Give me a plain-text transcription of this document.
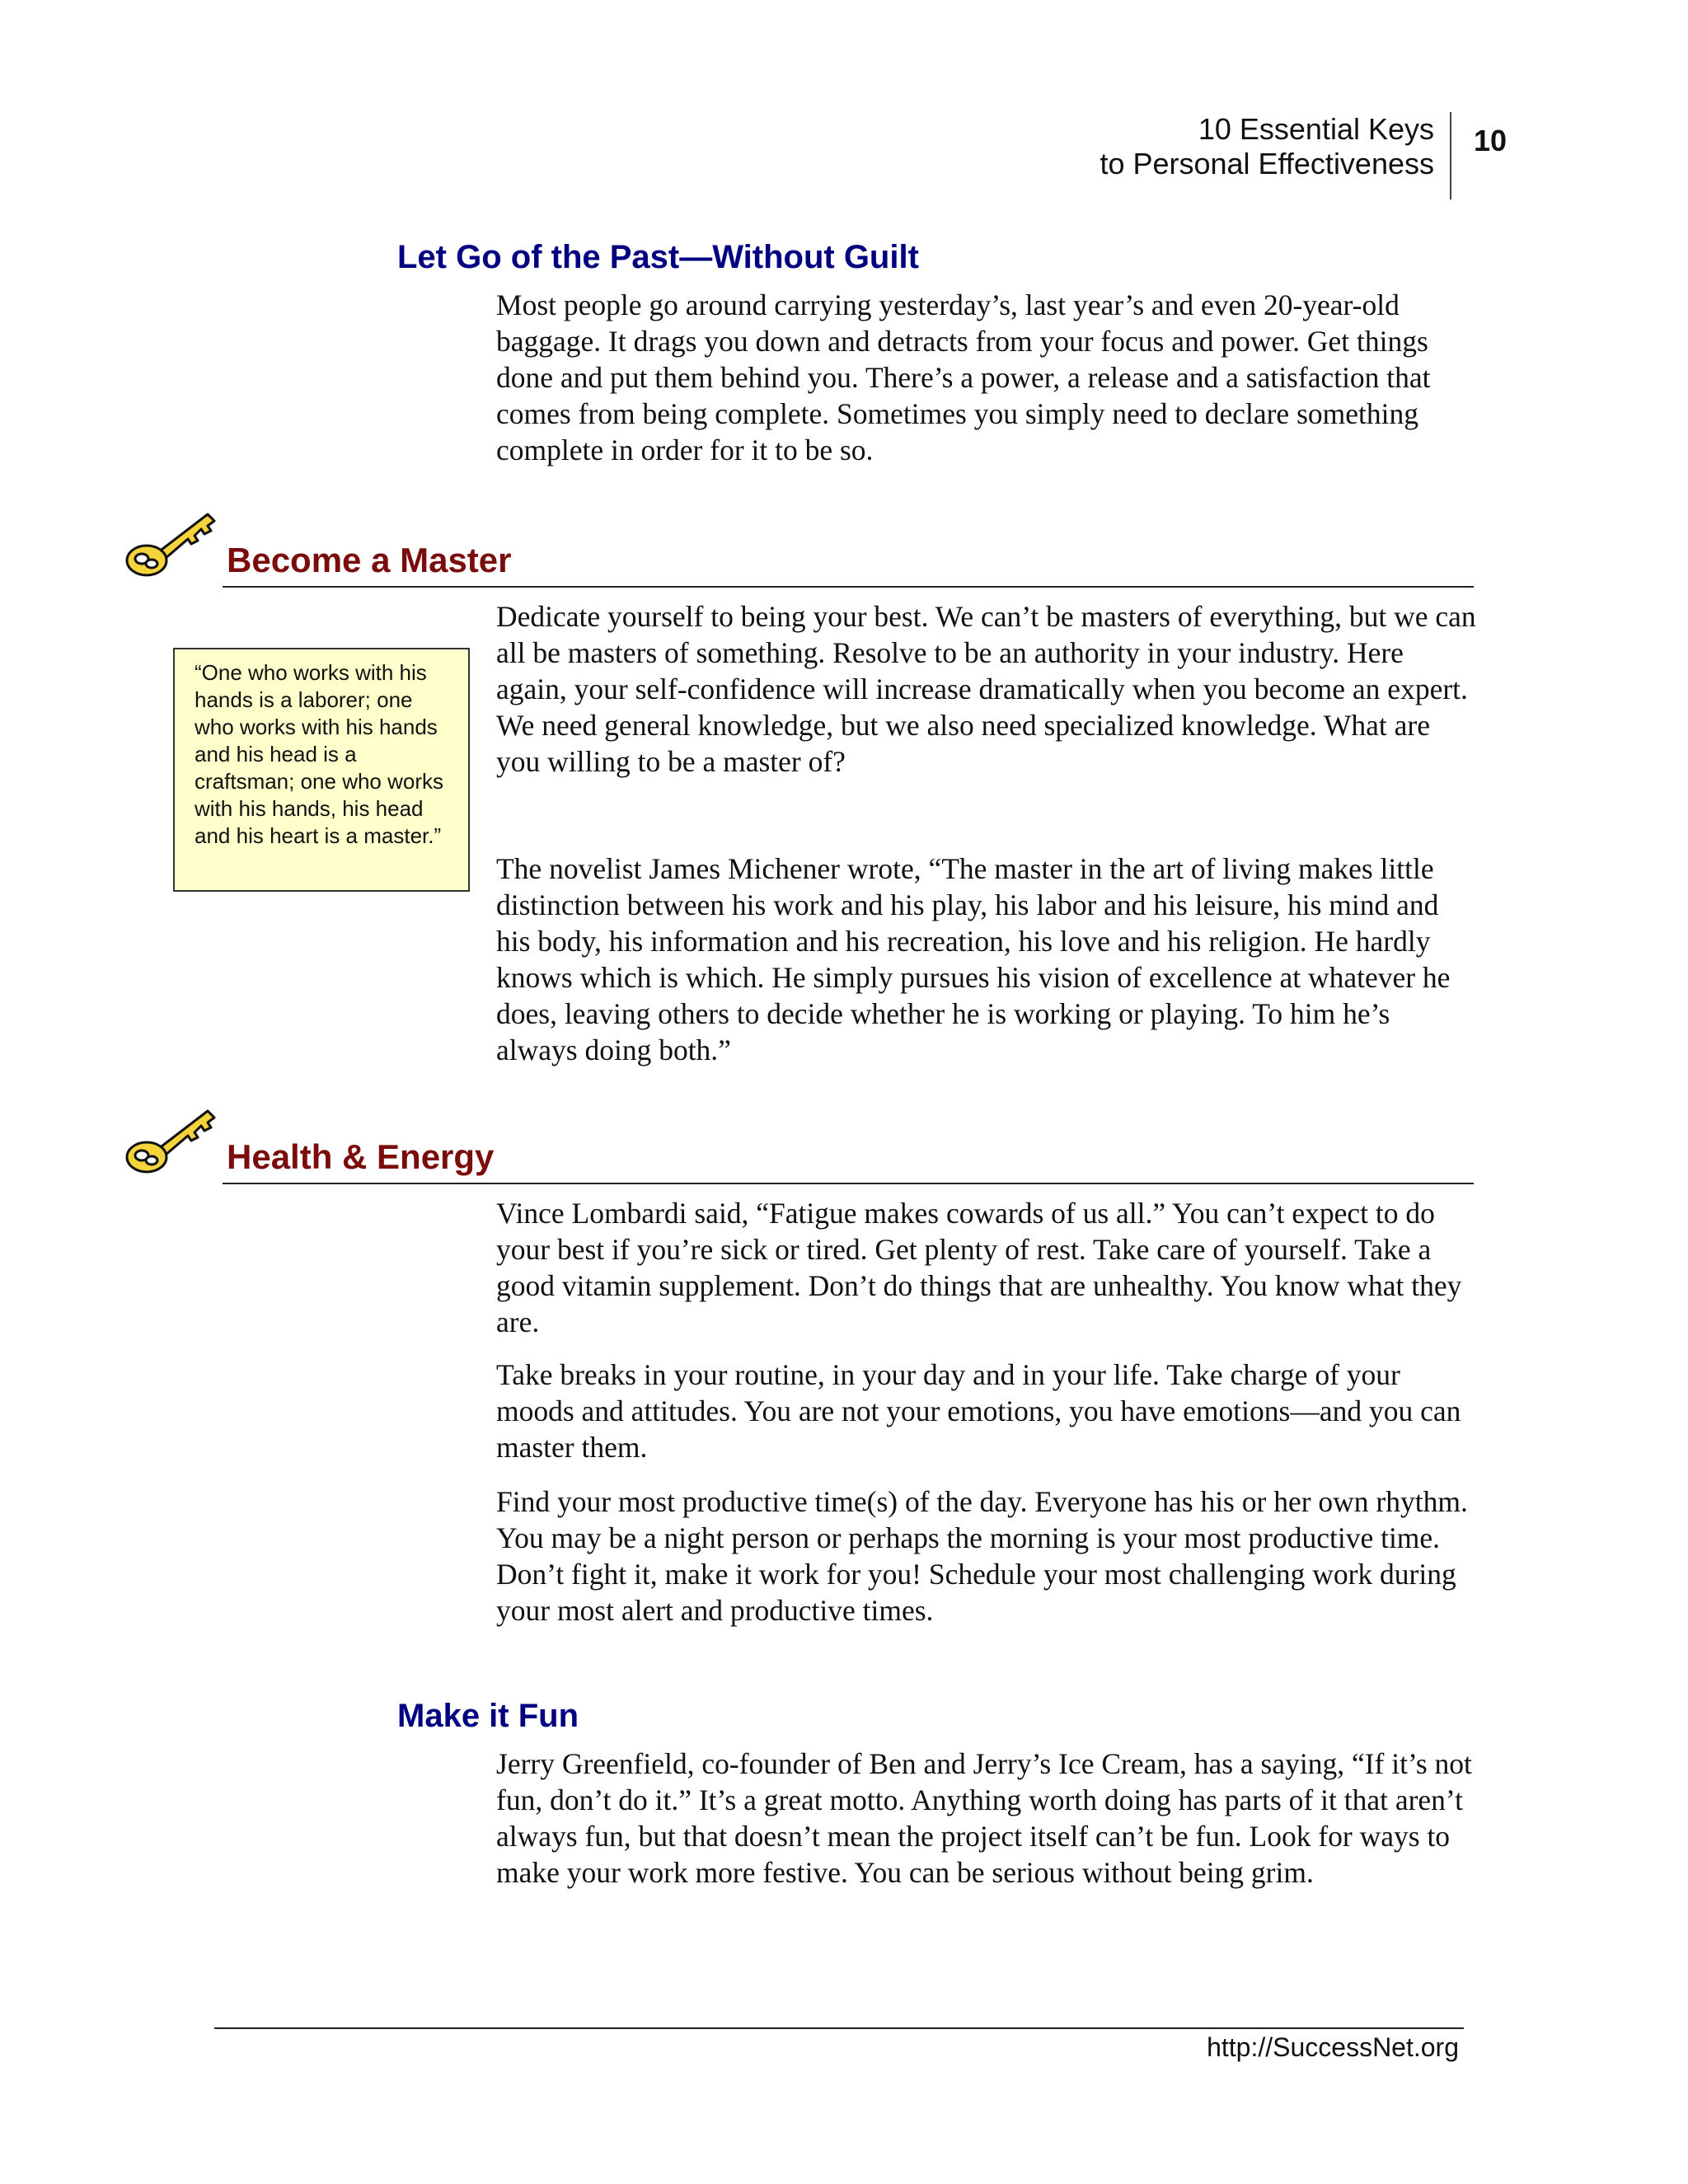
10 Essential Keys
to Personal Effectiveness
10
Let Go of the Past—Without Guilt

Most people go around carrying yesterday’s, last year’s and even 20-year-old baggage. It drags you down and detracts from your focus and power. Get things done and put them behind you. There’s a power, a release and a satisfaction that comes from being complete. Sometimes you simply need to declare something complete in order for it to be so.

Become a Master
“One who works with his hands is a laborer; one who works with his hands and his head is a craftsman; one who works with his hands, his head and his heart is a master.”

Dedicate yourself to being your best. We can’t be masters of everything, but we can all be masters of something. Resolve to be an authority in your industry. Here again, your self-confidence will increase dramatically when you become an expert. We need general knowledge, but we also need specialized knowledge. What are you willing to be a master of?

The novelist James Michener wrote, “The master in the art of living makes little distinction between his work and his play, his labor and his leisure, his mind and his body, his information and his recreation, his love and his religion. He hardly knows which is which. He simply pursues his vision of excellence at whatever he does, leaving others to decide whether he is working or playing. To him he’s always doing both.”

Health & Energy

Vince Lombardi said, “Fatigue makes cowards of us all.” You can’t expect to do your best if you’re sick or tired. Get plenty of rest. Take care of yourself. Take a good vitamin supplement. Don’t do things that are unhealthy. You know what they are.

Take breaks in your routine, in your day and in your life. Take charge of your moods and attitudes. You are not your emotions, you have emotions—and you can master them.

Find your most productive time(s) of the day. Everyone has his or her own rhythm. You may be a night person or perhaps the morning is your most productive time. Don’t fight it, make it work for you! Schedule your most challenging work during your most alert and productive times.

Make it Fun

Jerry Greenfield, co-founder of Ben and Jerry’s Ice Cream, has a saying, “If it’s not fun, don’t do it.” It’s a great motto. Anything worth doing has parts of it that aren’t always fun, but that doesn’t mean the project itself can’t be fun. Look for ways to make your work more festive. You can be serious without being grim.

http://SuccessNet.org
